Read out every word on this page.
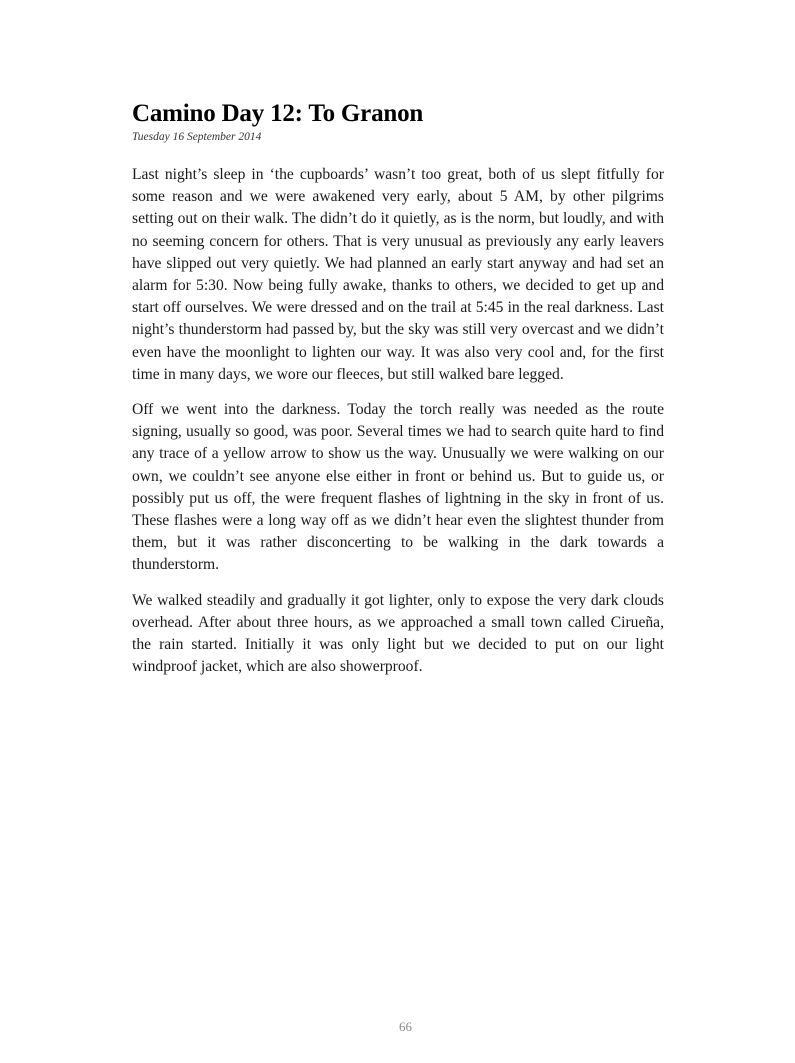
Camino Day 12: To Granon

Tuesday 16 September 2014

Last night’s sleep in ‘the cupboards’ wasn’t too great, both of us slept fitfully for some reason and we were awakened very early, about 5 AM, by other pilgrims setting out on their walk. The didn’t do it quietly, as is the norm, but loudly, and with no seeming concern for others. That is very unusual as previously any early leavers have slipped out very quietly. We had planned an early start anyway and had set an alarm for 5:30. Now being fully awake, thanks to others, we decided to get up and start off ourselves. We were dressed and on the trail at 5:45 in the real darkness. Last night’s thunderstorm had passed by, but the sky was still very overcast and we didn’t even have the moonlight to lighten our way. It was also very cool and, for the first time in many days, we wore our fleeces, but still walked bare legged.

Off we went into the darkness. Today the torch really was needed as the route signing, usually so good, was poor. Several times we had to search quite hard to find any trace of a yellow arrow to show us the way. Unusually we were walking on our own, we couldn’t see anyone else either in front or behind us. But to guide us, or possibly put us off, the were frequent flashes of lightning in the sky in front of us. These flashes were a long way off as we didn’t hear even the slightest thunder from them, but it was rather disconcerting to be walking in the dark towards a thunderstorm.

We walked steadily and gradually it got lighter, only to expose the very dark clouds overhead. After about three hours, as we approached a small town called Cirueña, the rain started. Initially it was only light but we decided to put on our light windproof jacket, which are also showerproof.

66
